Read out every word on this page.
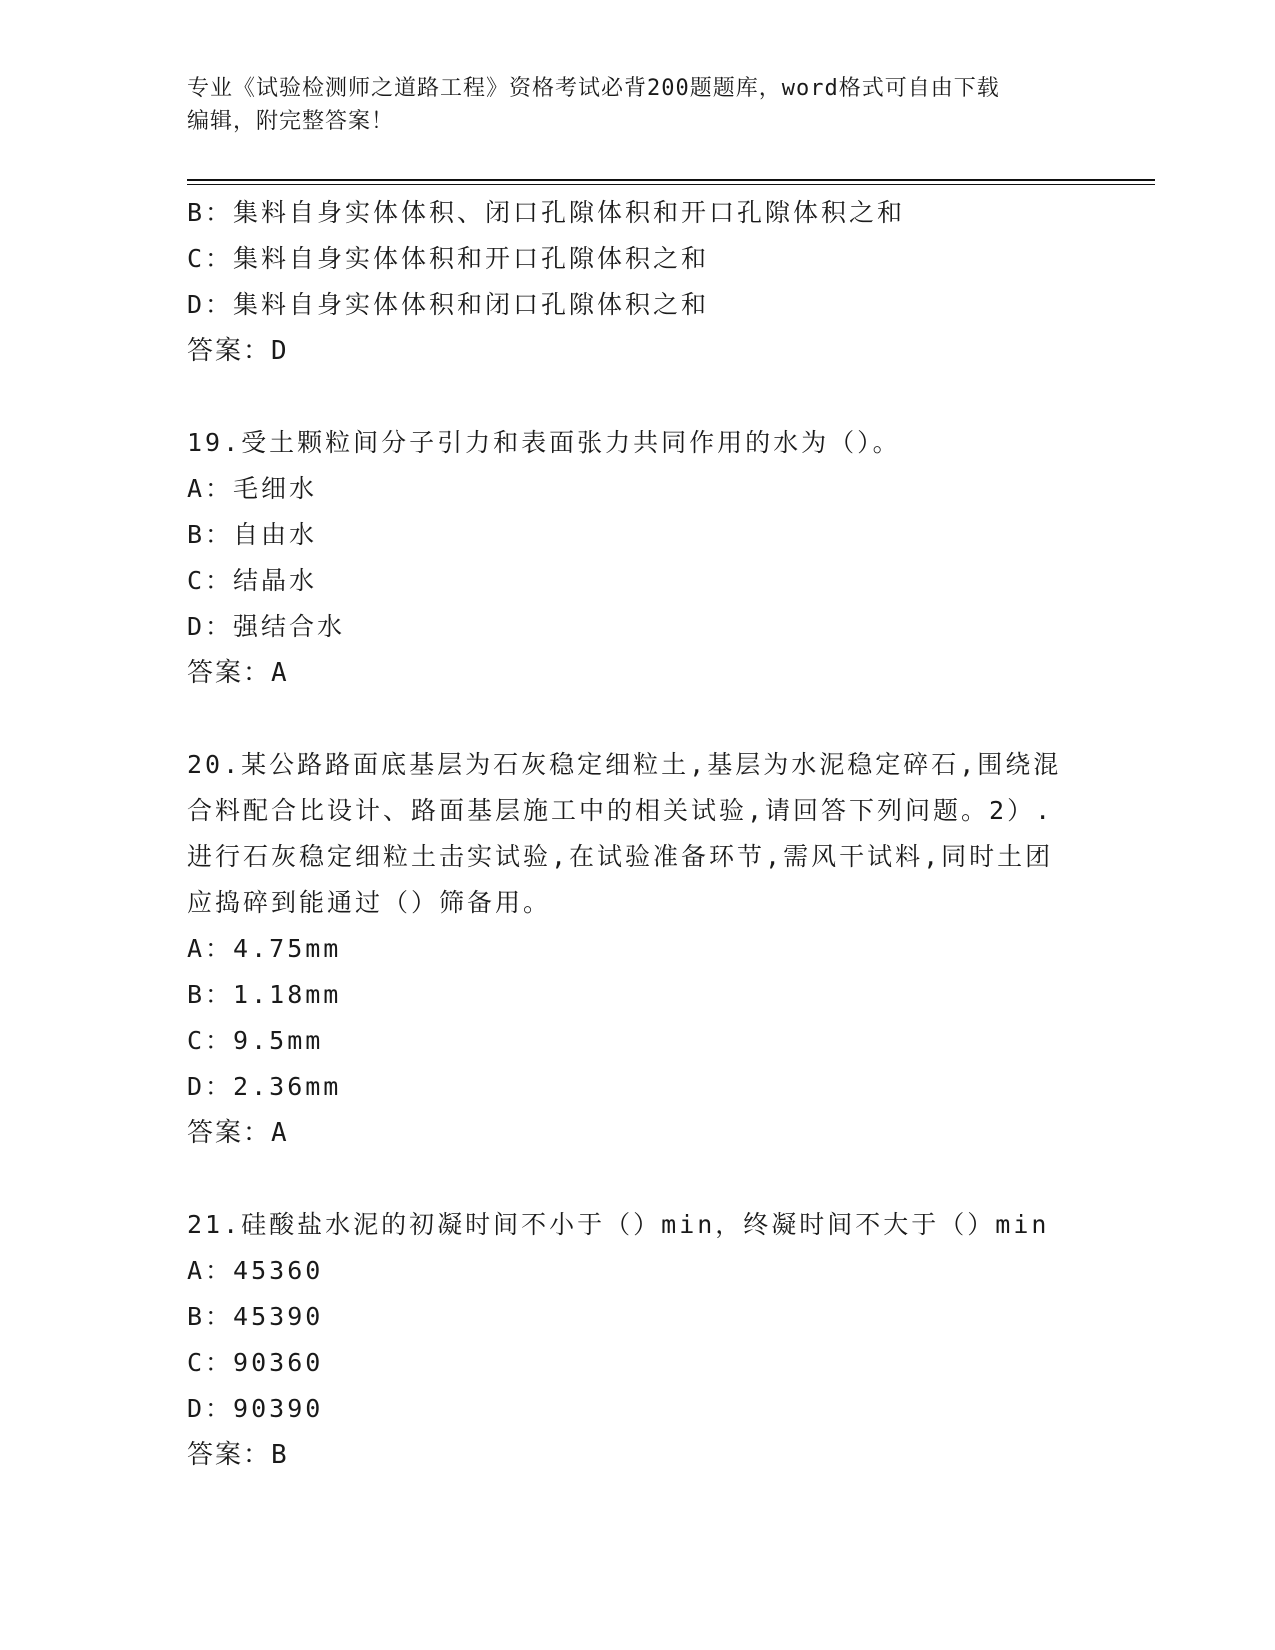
专业《试验检测师之道路工程》资格考试必背200题题库，word格式可自由下载
编辑，附完整答案！
B：集料自身实体体积、闭口孔隙体积和开口孔隙体积之和
C：集料自身实体体积和开口孔隙体积之和
D：集料自身实体体积和闭口孔隙体积之和
答案：D
19.受土颗粒间分子引力和表面张力共同作用的水为（）。
A：毛细水
B：自由水
C：结晶水
D：强结合水
答案：A
20.某公路路面底基层为石灰稳定细粒土,基层为水泥稳定碎石,围绕混
合料配合比设计、路面基层施工中的相关试验,请回答下列问题。2）.
进行石灰稳定细粒土击实试验,在试验准备环节,需风干试料,同时土团
应捣碎到能通过（）筛备用。
A：4.75mm
B：1.18mm
C：9.5mm
D：2.36mm
答案：A
21.硅酸盐水泥的初凝时间不小于（）min，终凝时间不大于（）min
A：45360
B：45390
C：90360
D：90390
答案：B
